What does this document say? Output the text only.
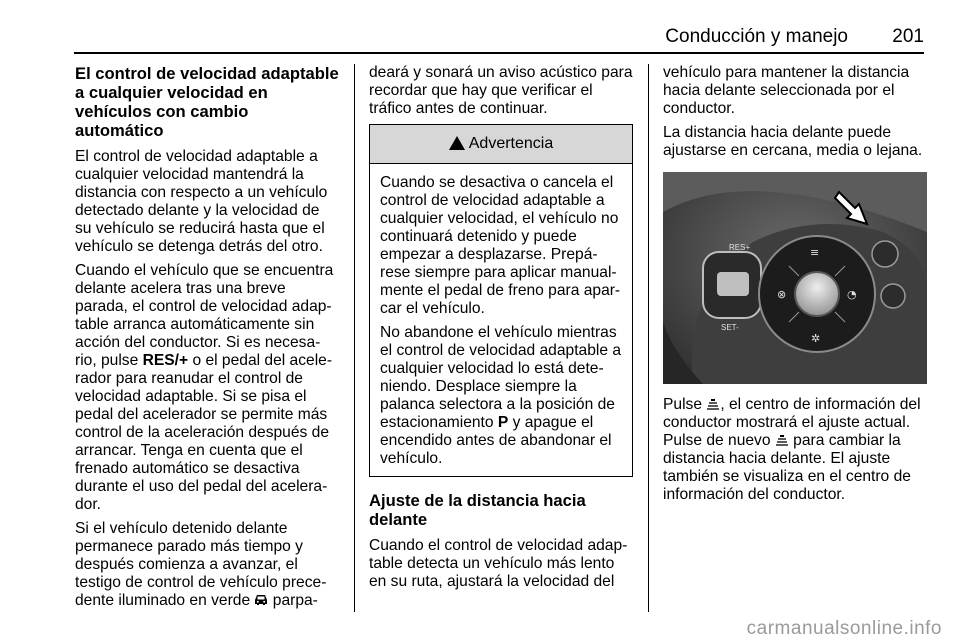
Conducción y manejo 201
El control de velocidad adaptable a cualquier velocidad en vehículos con cambio automático

El control de velocidad adaptable a cualquier velocidad mantendrá la distancia con respecto a un vehículo detectado delante y la velocidad de su vehículo se reducirá hasta que el vehículo se detenga detrás del otro.

Cuando el vehículo que se encuentra delante acelera tras una breve parada, el control de velocidad adap-table arranca automáticamente sin acción del conductor. Si es necesa-rio, pulse RES/+ o el pedal del acele-rador para reanudar el control de velocidad adaptable. Si se pisa el pedal del acelerador se permite más control de la aceleración después de arrancar. Tenga en cuenta que el frenado automático se desactiva durante el uso del pedal del acelera-dor.

Si el vehículo detenido delante permanece parado más tiempo y después comienza a avanzar, el testigo de control de vehículo prece-dente iluminado en verde  parpa-

deará y sonará un aviso acústico para recordar que hay que verificar el tráfico antes de continuar.

Advertencia

Cuando se desactiva o cancela el control de velocidad adaptable a cualquier velocidad, el vehículo no continuará detenido y puede empezar a desplazarse. Prepá-rese siempre para aplicar manual-mente el pedal de freno para apar-car el vehículo.

No abandone el vehículo mientras el control de velocidad adaptable a cualquier velocidad lo está dete-niendo. Desplace siempre la palanca selectora a la posición de estacionamiento P y apague el encendido antes de abandonar el vehículo.

Ajuste de la distancia hacia delante

Cuando el control de velocidad adap-table detecta un vehículo más lento en su ruta, ajustará la velocidad del

vehículo para mantener la distancia hacia delante seleccionada por el conductor.

La distancia hacia delante puede ajustarse en cercana, media o lejana.

RES+
SET-
≡
⊗	◔
✲

Pulse , el centro de información del conductor mostrará el ajuste actual. Pulse de nuevo  para cambiar la distancia hacia delante. El ajuste también se visualiza en el centro de información del conductor.

carmanualsonline.info
